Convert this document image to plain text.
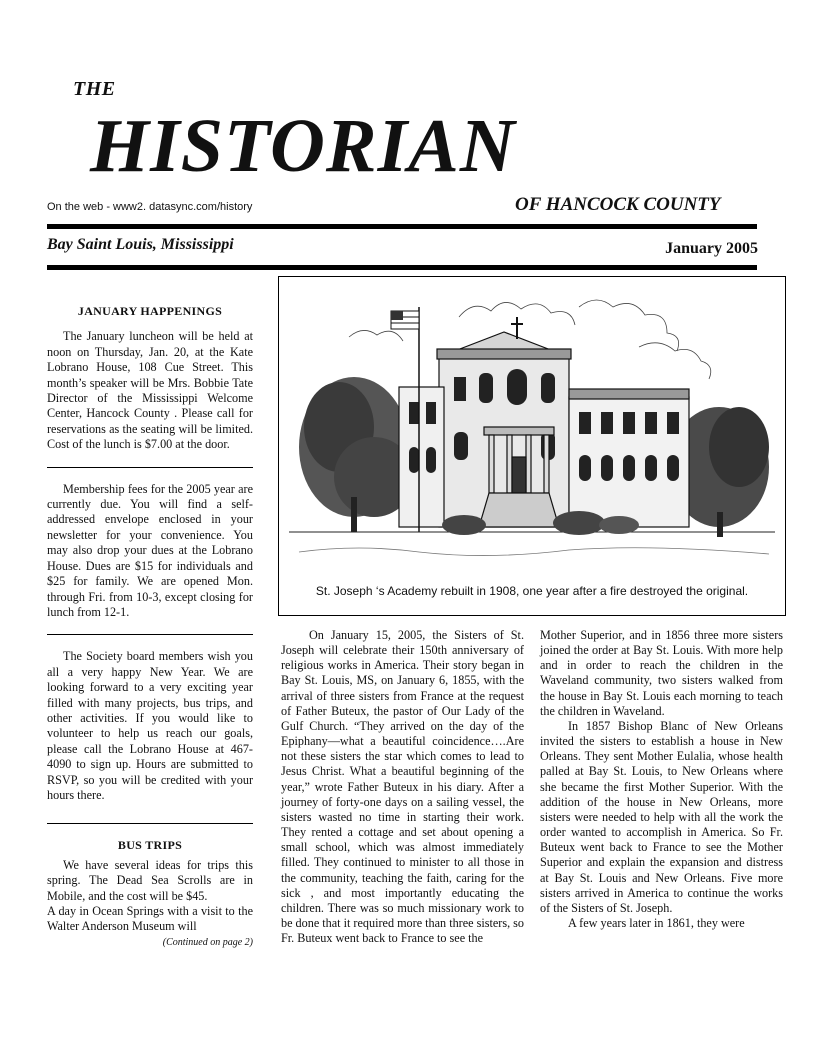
THE
HISTORIAN
On the web - www2. datasync.com/history	OF HANCOCK COUNTY
Bay Saint Louis, Mississippi	January 2005

JANUARY HAPPENINGS

The January luncheon will be held at noon on Thursday, Jan. 20, at the Kate Lobrano House, 108 Cue Street. This month’s speaker will be Mrs. Bobbie Tate Director of the Mississippi Welcome Center, Hancock County . Please call for reservations as the seating will be limited. Cost of the lunch is $7.00 at the door.

Membership fees for the 2005 year are currently due. You will find a self-addressed envelope enclosed in your newsletter for your convenience. You may also drop your dues at the Lobrano House. Dues are $15 for individuals and $25 for family. We are opened Mon. through Fri. from 10-3, except closing for lunch from 12-1.

The Society board members wish you all a very happy New Year. We are looking forward to a very exciting year filled with many projects, bus trips, and other activities. If you would like to volunteer to help us reach our goals, please call the Lobrano House at 467-4090 to sign up. Hours are submitted to RSVP, so you will be credited with your hours there.

BUS TRIPS

We have several ideas for trips this spring. The Dead Sea Scrolls are in Mobile, and the cost will be $45.

A day in Ocean Springs with a visit to the Walter Anderson Museum will

(Continued on page 2)

St. Joseph ‘s Academy rebuilt in 1908, one year after a fire destroyed the original.

On January 15, 2005, the Sisters of St. Joseph will celebrate their 150th anniversary of religious works in America. Their story began in Bay St. Louis, MS, on January 6, 1855, with the arrival of three sisters from France at the request of Father Buteux, the pastor of Our Lady of the Gulf Church. “They arrived on the day of the Epiphany—what a beautiful coincidence….Are not these sisters the star which comes to lead to Jesus Christ. What a beautiful beginning of the year,” wrote Father Buteux in his diary. After a journey of forty-one days on a sailing vessel, the sisters wasted no time in starting their work. They rented a cottage and set about opening a small school, which was almost immediately filled. They continued to minister to all those in the community, teaching the faith, caring for the sick , and most importantly educating the children. There was so much missionary work to be done that it required more than three sisters, so Fr. Buteux went back to France to see the

Mother Superior, and in 1856 three more sisters joined the order at Bay St. Louis. With more help and in order to reach the children in the Waveland community, two sisters walked from the house in Bay St. Louis each morning to teach the children in Waveland.

In 1857 Bishop Blanc of New Orleans invited the sisters to establish a house in New Orleans. They sent Mother Eulalia, whose health palled at Bay St. Louis, to New Orleans where she became the first Mother Superior. With the addition of the house in New Orleans, more sisters were needed to help with all the work the order wanted to accomplish in America. So Fr. Buteux went back to France to see the Mother Superior and explain the expansion and distress at Bay St. Louis and New Orleans. Five more sisters arrived in America to continue the works of the Sisters of St. Joseph.

A few years later in 1861, they were
